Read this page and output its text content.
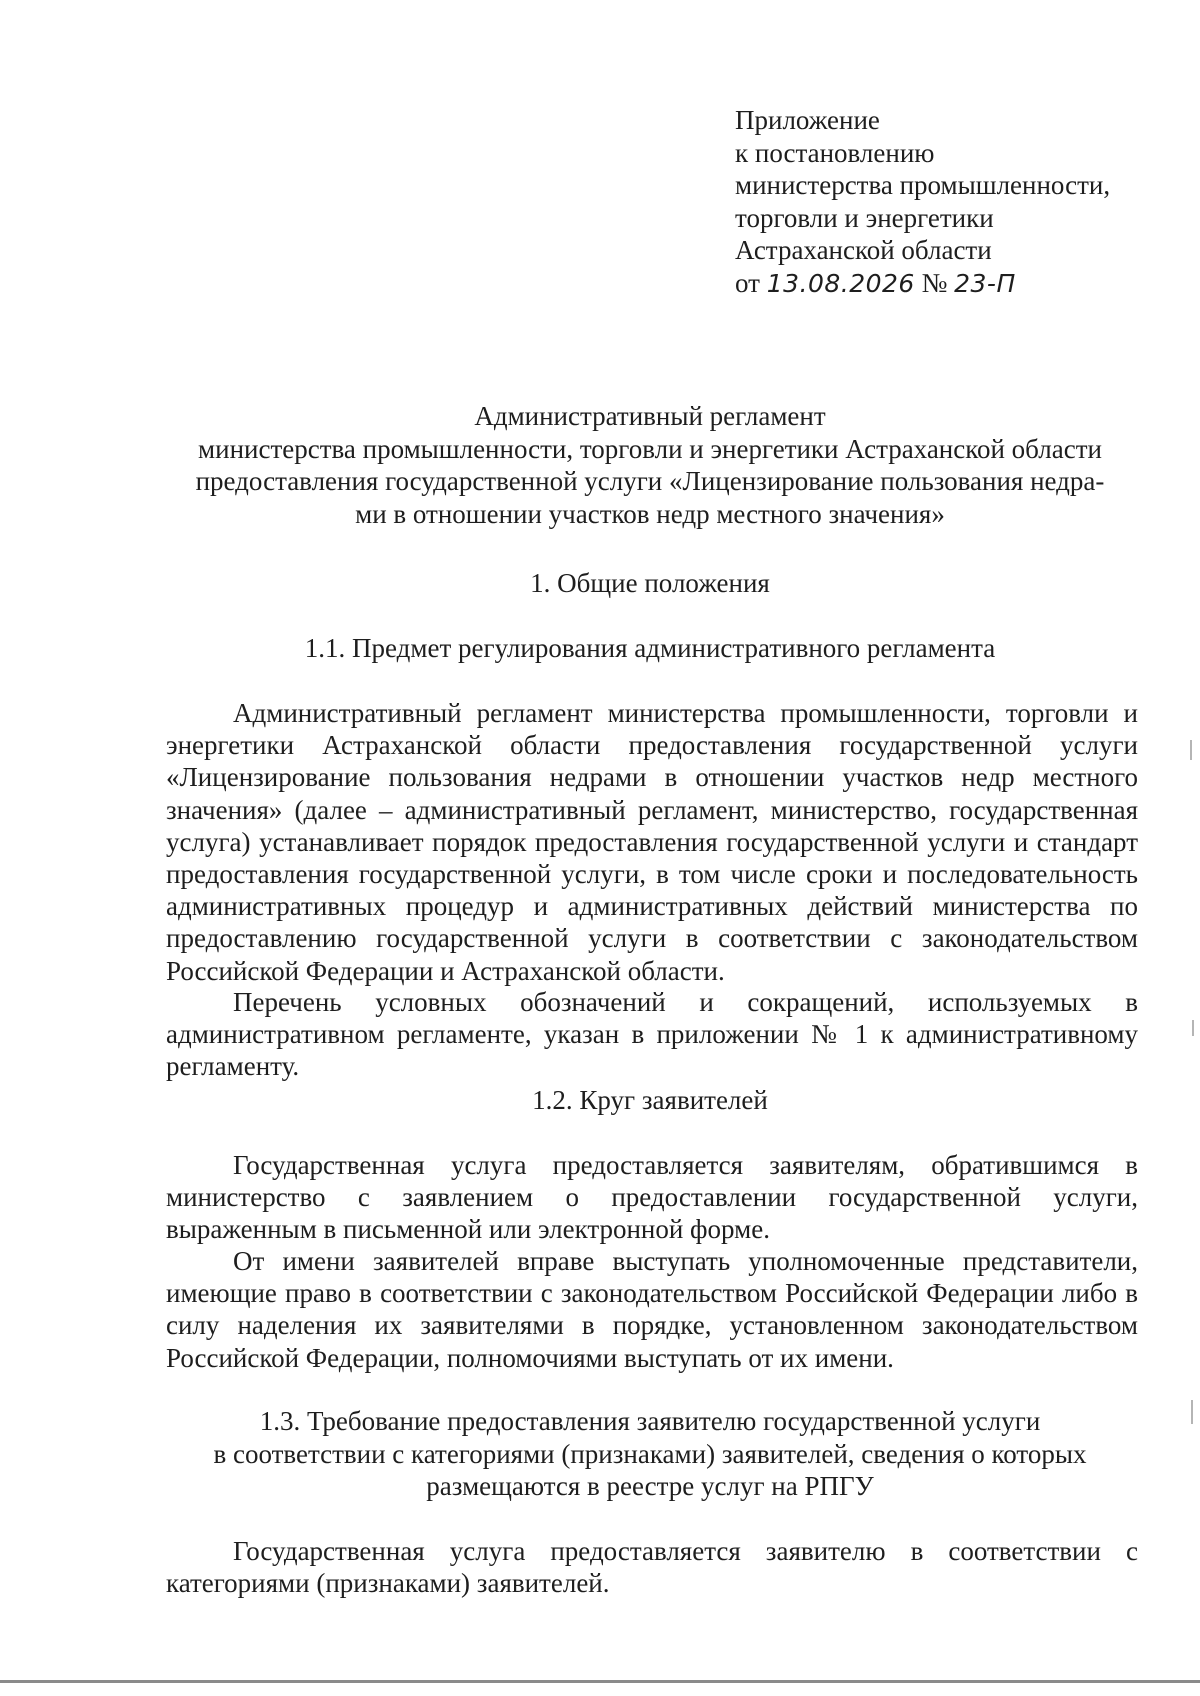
Приложение
к постановлению
министерства промышленности,
торговли и энергетики
Астраханской области
от 13.08.2026 № 23-П
Административный регламент
министерства промышленности, торговли и энергетики Астраханской области
предоставления государственной услуги «Лицензирование пользования недра-
ми в отношении участков недр местного значения»
1. Общие положения
1.1. Предмет регулирования административного регламента
Административный регламент министерства промышленности, торговли и энергетики Астраханской области предоставления государственной услуги «Лицензирование пользования недрами в отношении участков недр местного значения» (далее – административный регламент, министерство, государственная услуга) устанавливает порядок предоставления государственной услуги и стандарт предоставления государственной услуги, в том числе сроки и последовательность административных процедур и административных действий министерства по предоставлению государственной услуги в соответствии с законодательством Российской Федерации и Астраханской области.
Перечень условных обозначений и сокращений, используемых в административном регламенте, указан в приложении № 1 к административному регламенту.
1.2. Круг заявителей
Государственная услуга предоставляется заявителям, обратившимся в министерство с заявлением о предоставлении государственной услуги, выраженным в письменной или электронной форме.
От имени заявителей вправе выступать уполномоченные представители, имеющие право в соответствии с законодательством Российской Федерации либо в силу наделения их заявителями в порядке, установленном законодательством Российской Федерации, полномочиями выступать от их имени.
1.3. Требование предоставления заявителю государственной услуги
в соответствии с категориями (признаками) заявителей, сведения о которых
размещаются в реестре услуг на РПГУ
Государственная услуга предоставляется заявителю в соответствии с категориями (признаками) заявителей.
